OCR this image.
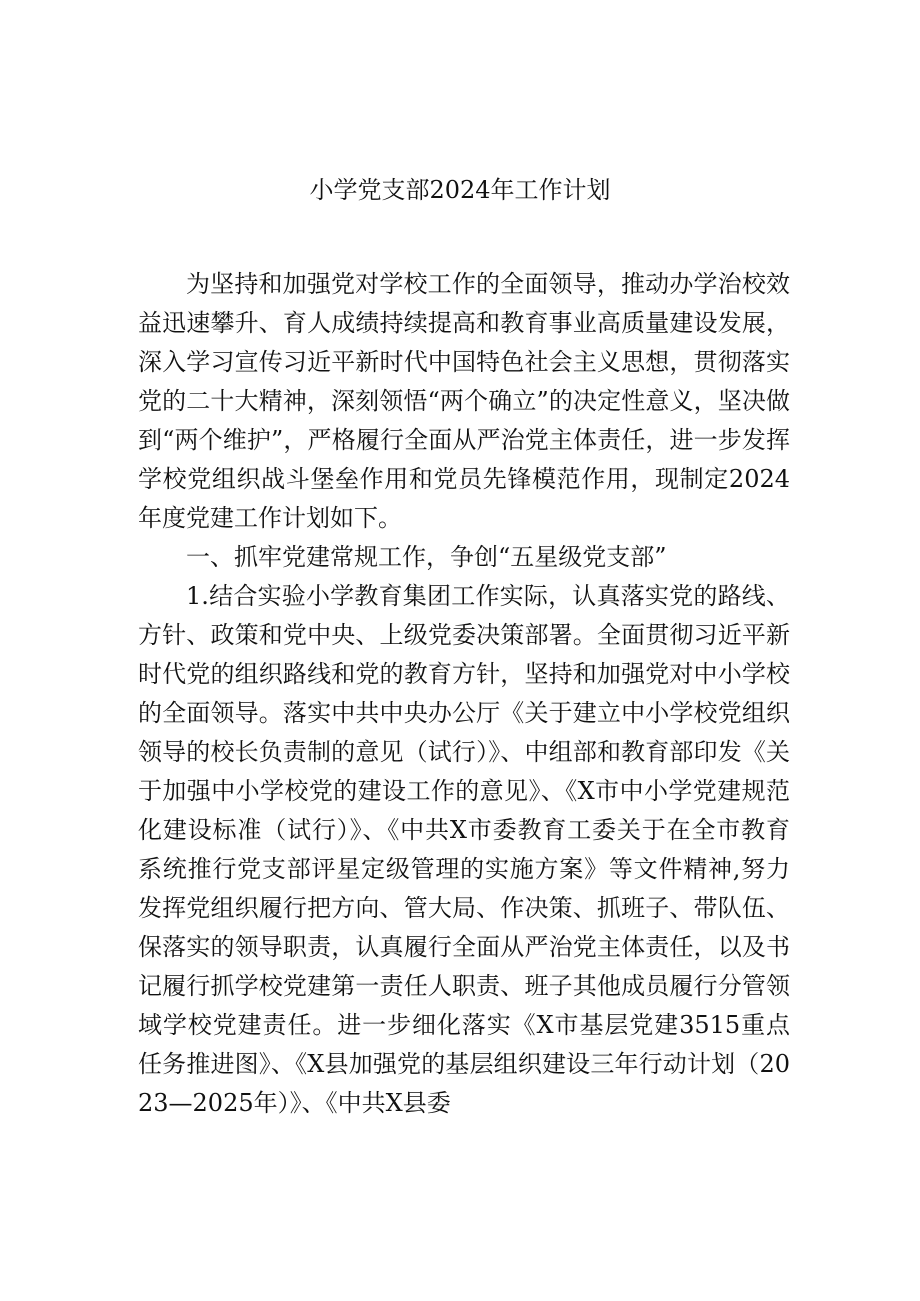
小学党支部2024年工作计划

为坚持和加强党对学校工作的全面领导，推动办学治校效益迅速攀升、育人成绩持续提高和教育事业高质量建设发展，深入学习宣传习近平新时代中国特色社会主义思想，贯彻落实党的二十大精神，深刻领悟“两个确立”的决定性意义，坚决做到“两个维护”，严格履行全面从严治党主体责任，进一步发挥学校党组织战斗堡垒作用和党员先锋模范作用，现制定2024年度党建工作计划如下。

一、抓牢党建常规工作，争创“五星级党支部”

1.结合实验小学教育集团工作实际，认真落实党的路线、方针、政策和党中央、上级党委决策部署。全面贯彻习近平新时代党的组织路线和党的教育方针，坚持和加强党对中小学校的全面领导。落实中共中央办公厅《关于建立中小学校党组织领导的校长负责制的意见（试行）》、中组部和教育部印发《关于加强中小学校党的建设工作的意见》、《X市中小学党建规范化建设标准（试行）》、《中共X市委教育工委关于在全市教育系统推行党支部评星定级管理的实施方案》等文件精神,努力发挥党组织履行把方向、管大局、作决策、抓班子、带队伍、保落实的领导职责，认真履行全面从严治党主体责任，以及书记履行抓学校党建第一责任人职责、班子其他成员履行分管领域学校党建责任。进一步细化落实《X市基层党建3515重点任务推进图》、《X县加强党的基层组织建设三年行动计划（2023—2025年）》、《中共X县委
